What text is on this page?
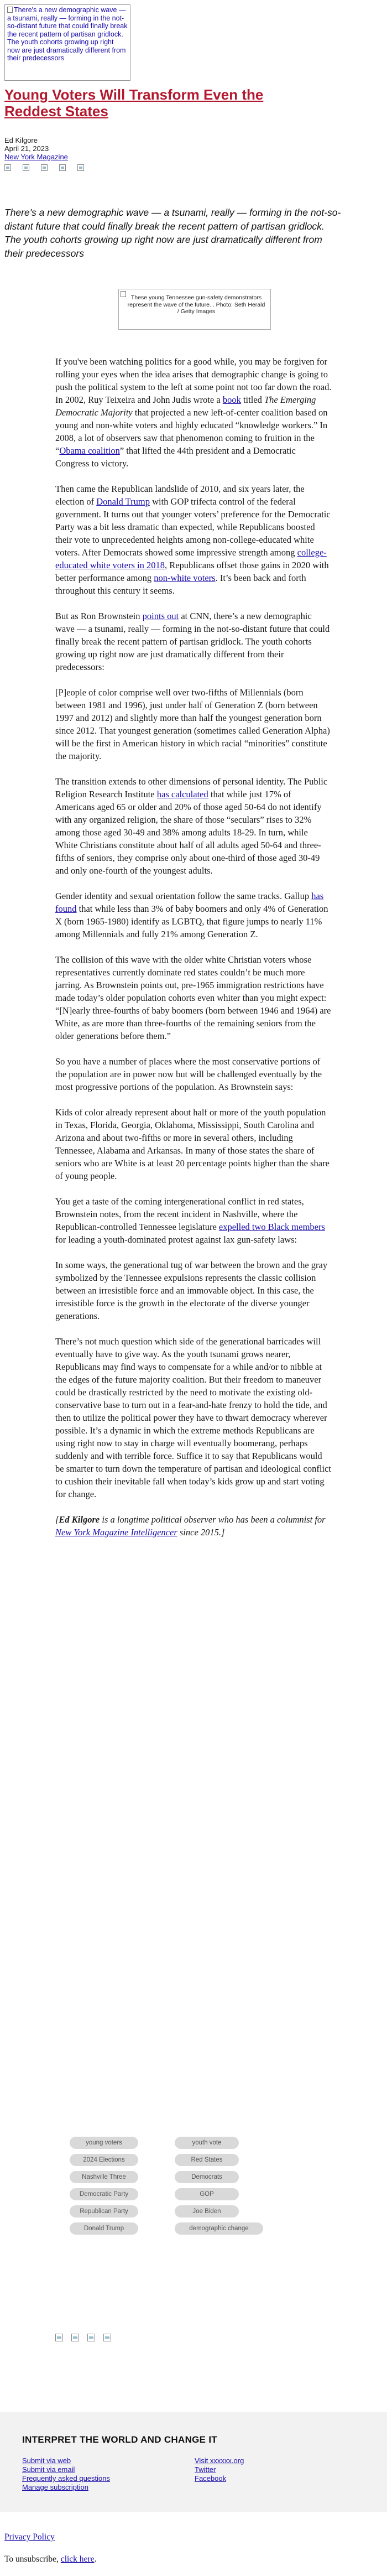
There's a new demographic wave — a tsunami, really — forming in the not-so-distant future that could finally break the recent pattern of partisan gridlock. The youth cohorts growing up right now are just dramatically different from their predecessors
Young Voters Will Transform Even the Reddest States
Ed Kilgore
April 21, 2023
New York Magazine

There's a new demographic wave — a tsunami, really — forming in the not-so-distant future that could finally break the recent pattern of partisan gridlock. The youth cohorts growing up right now are just dramatically different from their predecessors

These young Tennessee gun-safety demonstrators represent the wave of the future. . Photo: Seth Herald / Getty Images

If you've been watching politics for a good while, you may be forgiven for rolling your eyes when the idea arises that demographic change is going to push the political system to the left at some point not too far down the road. In 2002, Ruy Teixeira and John Judis wrote a book titled The Emerging Democratic Majority that projected a new left-of-center coalition based on young and non-white voters and highly educated “knowledge workers.” In 2008, a lot of observers saw that phenomenon coming to fruition in the “Obama coalition” that lifted the 44th president and a Democratic Congress to victory.

Then came the Republican landslide of 2010, and six years later, the election of Donald Trump with GOP trifecta control of the federal government. It turns out that younger voters’ preference for the Democratic Party was a bit less dramatic than expected, while Republicans boosted their vote to unprecedented heights among non-college-educated white voters. After Democrats showed some impressive strength among college-educated white voters in 2018, Republicans offset those gains in 2020 with better performance among non-white voters. It’s been back and forth throughout this century it seems.

But as Ron Brownstein points out at CNN, there’s a new demographic wave — a tsunami, really — forming in the not-so-distant future that could finally break the recent pattern of partisan gridlock. The youth cohorts growing up right now are just dramatically different from their predecessors:

[P]eople of color comprise well over two-fifths of Millennials (born between 1981 and 1996), just under half of Generation Z (born between 1997 and 2012) and slightly more than half the youngest generation born since 2012. That youngest generation (sometimes called Generation Alpha) will be the first in American history in which racial “minorities” constitute the majority.

The transition extends to other dimensions of personal identity. The Public Religion Research Institute has calculated that while just 17% of Americans aged 65 or older and 20% of those aged 50-64 do not identify with any organized religion, the share of those “seculars” rises to 32% among those aged 30-49 and 38% among adults 18-29. In turn, while White Christians constitute about half of all adults aged 50-64 and three-fifths of seniors, they comprise only about one-third of those aged 30-49 and only one-fourth of the youngest adults.

Gender identity and sexual orientation follow the same tracks. Gallup has found that while less than 3% of baby boomers and only 4% of Generation X (born 1965-1980) identify as LGBTQ, that figure jumps to nearly 11% among Millennials and fully 21% among Generation Z.

The collision of this wave with the older white Christian voters whose representatives currently dominate red states couldn’t be much more jarring. As Brownstein points out, pre-1965 immigration restrictions have made today’s older population cohorts even whiter than you might expect: “[N]early three-fourths of baby boomers (born between 1946 and 1964) are White, as are more than three-fourths of the remaining seniors from the older generations before them.”

So you have a number of places where the most conservative portions of the population are in power now but will be challenged eventually by the most progressive portions of the population. As Brownstein says:

Kids of color already represent about half or more of the youth population in Texas, Florida, Georgia, Oklahoma, Mississippi, South Carolina and Arizona and about two-fifths or more in several others, including Tennessee, Alabama and Arkansas. In many of those states the share of seniors who are White is at least 20 percentage points higher than the share of young people.

You get a taste of the coming intergenerational conflict in red states, Brownstein notes, from the recent incident in Nashville, where the Republican-controlled Tennessee legislature expelled two Black members for leading a youth-dominated protest against lax gun-safety laws:

In some ways, the generational tug of war between the brown and the gray symbolized by the Tennessee expulsions represents the classic collision between an irresistible force and an immovable object. In this case, the irresistible force is the growth in the electorate of the diverse younger generations.

There’s not much question which side of the generational barricades will eventually have to give way. As the youth tsunami grows nearer, Republicans may find ways to compensate for a while and/or to nibble at the edges of the future majority coalition. But their freedom to maneuver could be drastically restricted by the need to motivate the existing old-conservative base to turn out in a fear-and-hate frenzy to hold the tide, and then to utilize the political power they have to thwart democracy wherever possible. It’s a dynamic in which the extreme methods Republicans are using right now to stay in charge will eventually boomerang, perhaps suddenly and with terrible force. Suffice it to say that Republicans would be smarter to turn down the temperature of partisan and ideological conflict to cushion their inevitable fall when today’s kids grow up and start voting for change.

[Ed Kilgore is a longtime political observer who has been a columnist for New York Magazine Intelligencer since 2015.]

young voters	youth vote
2024 Elections	Red States
Nashville Three	Democrats
Democratic Party	GOP
Republican Party	Joe Biden
Donald Trump	demographic change
INTERPRET THE WORLD AND CHANGE IT
Submit via web
Submit via email
Frequently asked questions
Manage subscription
Visit xxxxxx.org
Twitter
Facebook

Privacy Policy

To unsubscribe, click here.
